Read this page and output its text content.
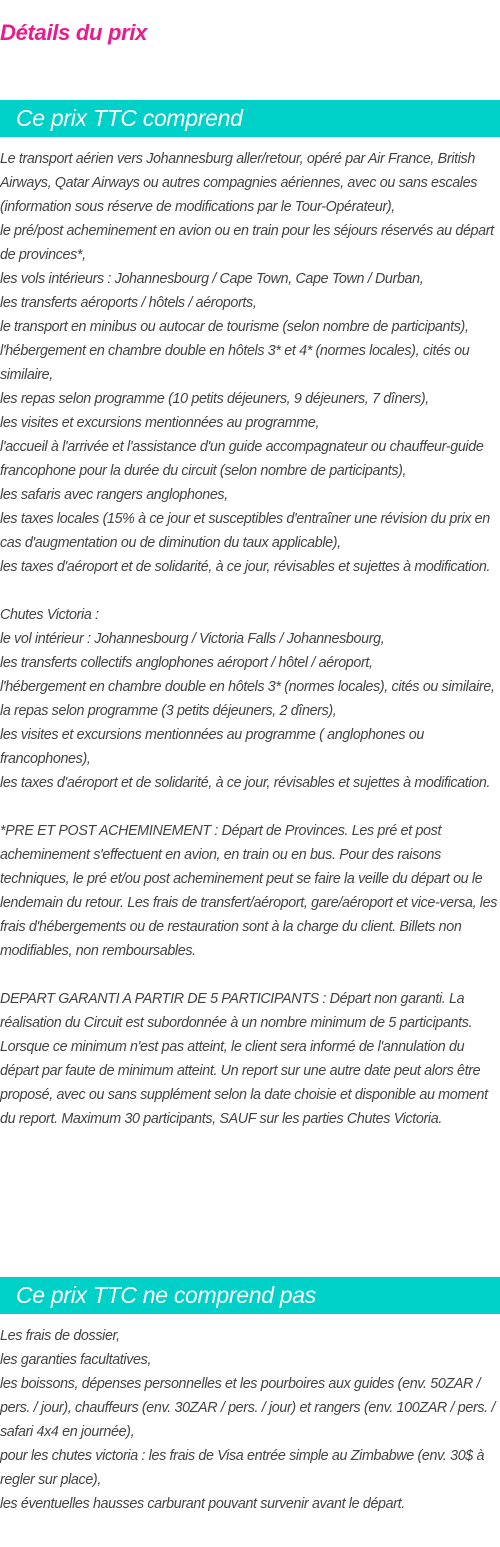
Détails du prix
Ce prix TTC comprend

Le transport aérien vers Johannesburg aller/retour, opéré par Air France, British Airways, Qatar Airways ou autres compagnies aériennes, avec ou sans escales (information sous réserve de modifications par le Tour-Opérateur),

le pré/post acheminement en avion ou en train pour les séjours réservés au départ de provinces*,

les vols intérieurs : Johannesbourg / Cape Town, Cape Town / Durban,

les transferts aéroports / hôtels / aéroports,

le transport en minibus ou autocar de tourisme (selon nombre de participants),

l'hébergement en chambre double en hôtels 3* et 4* (normes locales), cités ou similaire,

les repas selon programme (10 petits déjeuners, 9 déjeuners, 7 dîners),

les visites et excursions mentionnées au programme,

l'accueil à l'arrivée et l'assistance d'un guide accompagnateur ou chauffeur-guide francophone pour la durée du circuit (selon nombre de participants),

les safaris avec rangers anglophones,

les taxes locales (15% à ce jour et susceptibles d'entraîner une révision du prix en cas d'augmentation ou de diminution du taux applicable),

les taxes d'aéroport et de solidarité, à ce jour, révisables et sujettes à modification.

Chutes Victoria :

le vol intérieur : Johannesbourg / Victoria Falls / Johannesbourg,

les transferts collectifs anglophones aéroport / hôtel / aéroport,

l'hébergement en chambre double en hôtels 3* (normes locales), cités ou similaire,

la repas selon programme (3 petits déjeuners, 2 dîners),

les visites et excursions mentionnées au programme ( anglophones ou francophones),

les taxes d'aéroport et de solidarité, à ce jour, révisables et sujettes à modification.

*PRE ET POST ACHEMINEMENT : Départ de Provinces. Les pré et post acheminement s'effectuent en avion, en train ou en bus. Pour des raisons techniques, le pré et/ou post acheminement peut se faire la veille du départ ou le lendemain du retour. Les frais de transfert/aéroport, gare/aéroport et vice-versa, les frais d'hébergements ou de restauration sont à la charge du client. Billets non modifiables, non remboursables.

DEPART GARANTI A PARTIR DE 5 PARTICIPANTS : Départ non garanti. La réalisation du Circuit est subordonnée à un nombre minimum de 5 participants. Lorsque ce minimum n'est pas atteint, le client sera informé de l'annulation du départ par faute de minimum atteint. Un report sur une autre date peut alors être proposé, avec ou sans supplément selon la date choisie et disponible au moment du report. Maximum 30 participants, SAUF sur les parties Chutes Victoria.

Ce prix TTC ne comprend pas

Les frais de dossier,

les garanties facultatives,

les boissons, dépenses personnelles et les pourboires aux guides (env. 50ZAR / pers. / jour), chauffeurs (env. 30ZAR / pers. / jour) et rangers (env. 100ZAR / pers. / safari 4x4 en journée),

pour les chutes victoria : les frais de Visa entrée simple au Zimbabwe (env. 30$ à regler sur place),

les éventuelles hausses carburant pouvant survenir avant le départ.
